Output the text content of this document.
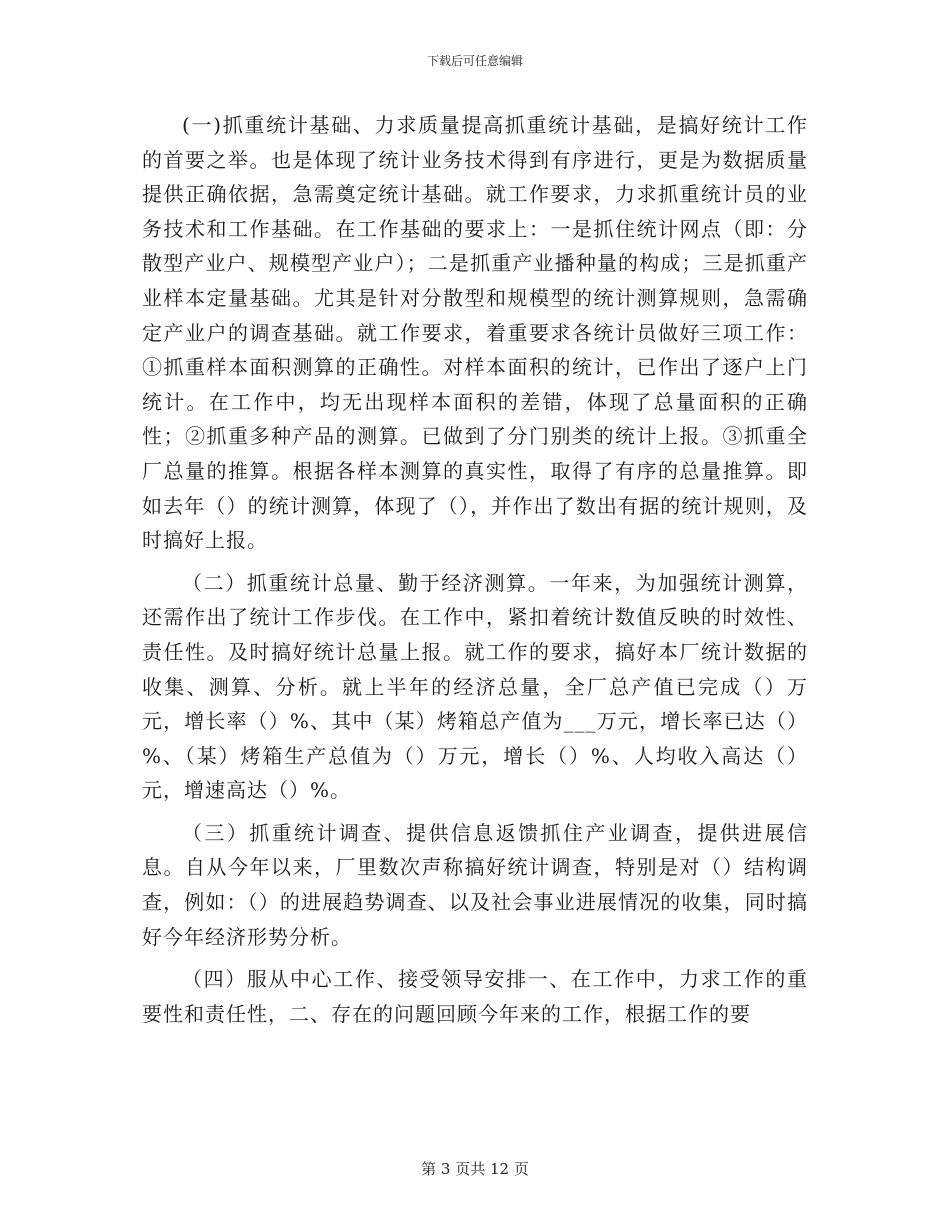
下载后可任意编辑

(一)抓重统计基础、力求质量提高抓重统计基础，是搞好统计工作的首要之举。也是体现了统计业务技术得到有序进行，更是为数据质量提供正确依据，急需奠定统计基础。就工作要求，力求抓重统计员的业务技术和工作基础。在工作基础的要求上：一是抓住统计网点（即：分散型产业户、规模型产业户）；二是抓重产业播种量的构成；三是抓重产业样本定量基础。尤其是针对分散型和规模型的统计测算规则，急需确定产业户的调查基础。就工作要求，着重要求各统计员做好三项工作：①抓重样本面积测算的正确性。对样本面积的统计，已作出了逐户上门统计。在工作中，均无出现样本面积的差错，体现了总量面积的正确性；②抓重多种产品的测算。已做到了分门别类的统计上报。③抓重全厂总量的推算。根据各样本测算的真实性，取得了有序的总量推算。即如去年（）的统计测算，体现了（），并作出了数出有据的统计规则，及时搞好上报。

（二）抓重统计总量、勤于经济测算。一年来，为加强统计测算，还需作出了统计工作步伐。在工作中，紧扣着统计数值反映的时效性、责任性。及时搞好统计总量上报。就工作的要求，搞好本厂统计数据的收集、测算、分析。就上半年的经济总量，全厂总产值已完成（）万元，增长率（）%、其中（某）烤箱总产值为___万元，增长率已达（）%、（某）烤箱生产总值为（）万元，增长（）%、人均收入高达（）元，增速高达（）%。

（三）抓重统计调查、提供信息返馈抓住产业调查，提供进展信息。自从今年以来，厂里数次声称搞好统计调查，特别是对（）结构调查，例如：（）的进展趋势调查、以及社会事业进展情况的收集，同时搞好今年经济形势分析。

（四）服从中心工作、接受领导安排一、在工作中，力求工作的重要性和责任性，二、存在的问题回顾今年来的工作，根据工作的要

第 3 页共 12 页
